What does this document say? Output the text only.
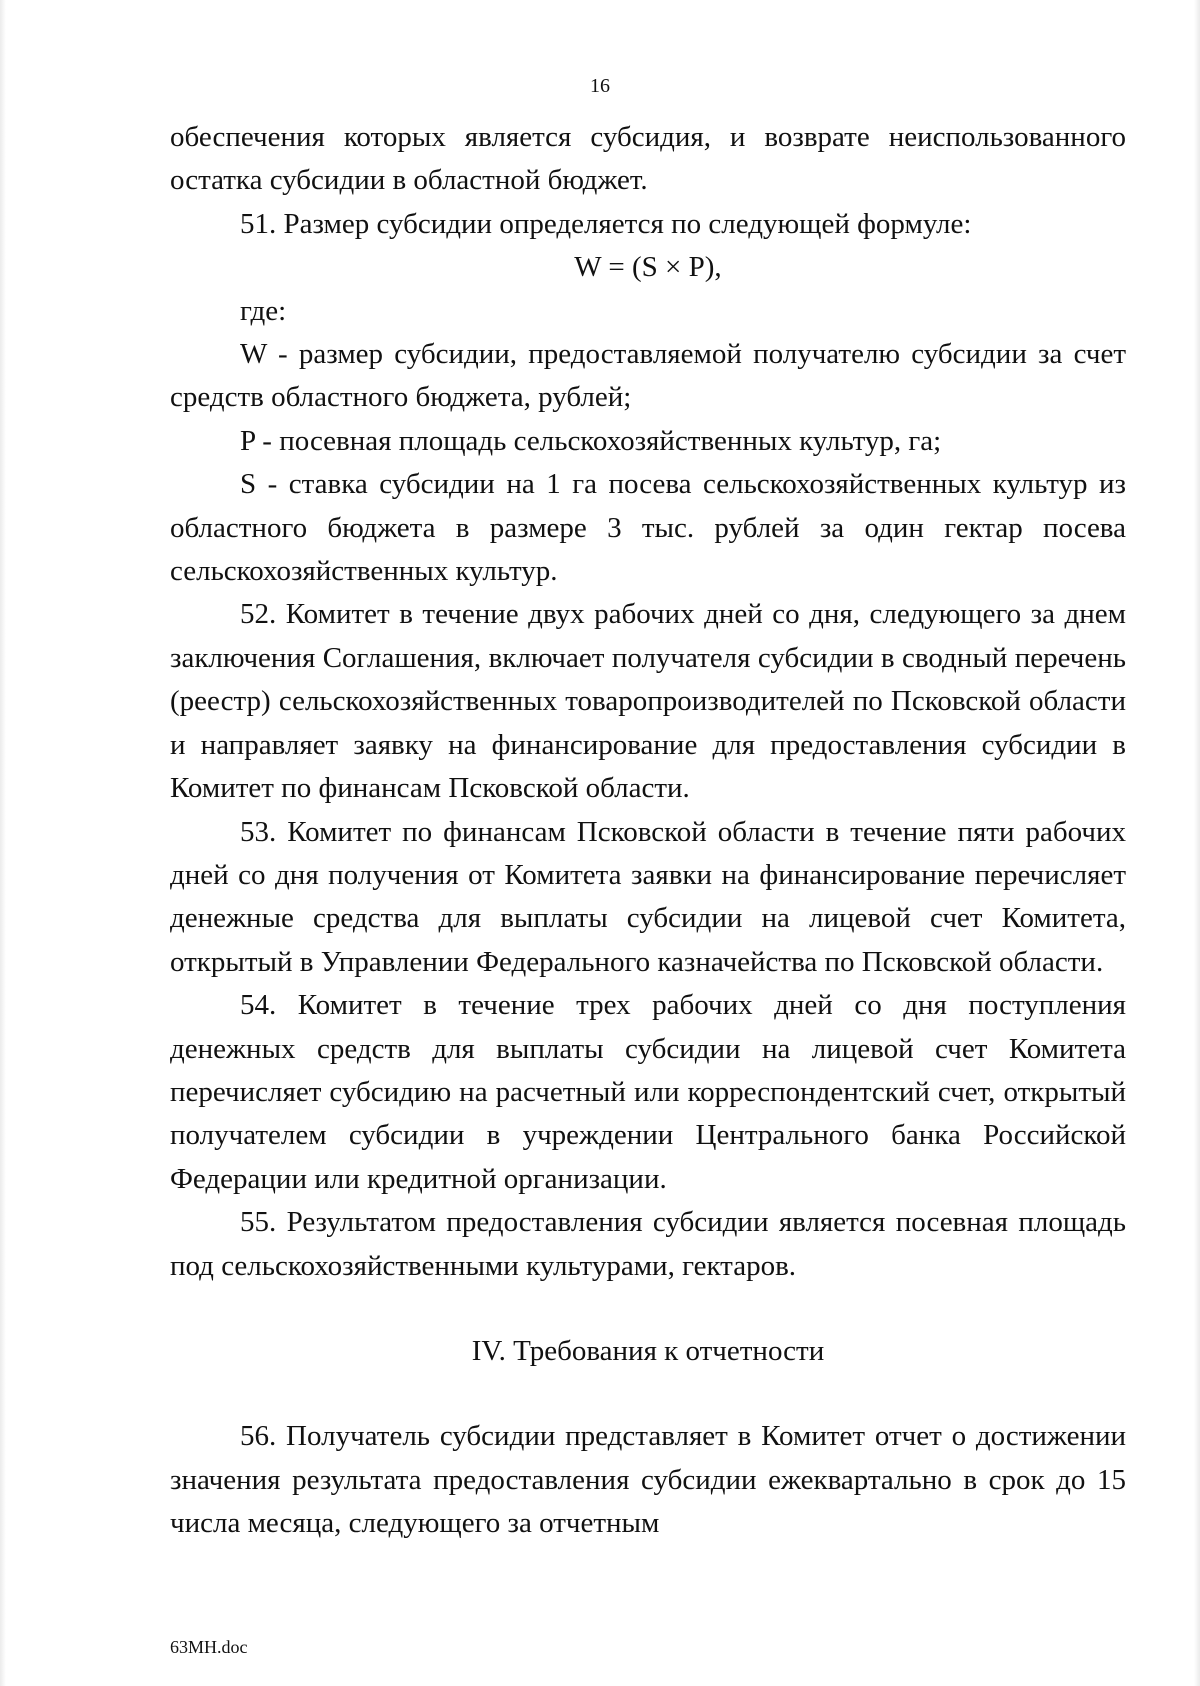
16

обеспечения которых является субсидия, и возврате неиспользованного остатка субсидии в областной бюджет.

51. Размер субсидии определяется по следующей формуле:

W = (S × P),

где:

W - размер субсидии, предоставляемой получателю субсидии за счет средств областного бюджета, рублей;

P - посевная площадь сельскохозяйственных культур, га;

S - ставка субсидии на 1 га посева сельскохозяйственных культур из областного бюджета в размере 3 тыс. рублей за один гектар посева сельскохозяйственных культур.

52. Комитет в течение двух рабочих дней со дня, следующего за днем заключения Соглашения, включает получателя субсидии в сводный перечень (реестр) сельскохозяйственных товаропроизводителей по Псковской области и направляет заявку на финансирование для предоставления субсидии в Комитет по финансам Псковской области.

53. Комитет по финансам Псковской области в течение пяти рабочих дней со дня получения от Комитета заявки на финансирование перечисляет денежные средства для выплаты субсидии на лицевой счет Комитета, открытый в Управлении Федерального казначейства по Псковской области.

54. Комитет в течение трех рабочих дней со дня поступления денежных средств для выплаты субсидии на лицевой счет Комитета перечисляет субсидию на расчетный или корреспондентский счет, открытый получателем субсидии в учреждении Центрального банка Российской Федерации или кредитной организации.

55. Результатом предоставления субсидии является посевная площадь под сельскохозяйственными культурами, гектаров.

IV. Требования к отчетности

56. Получатель субсидии представляет в Комитет отчет о достижении значения результата предоставления субсидии ежеквартально в срок до 15 числа месяца, следующего за отчетным

63МН.doc
